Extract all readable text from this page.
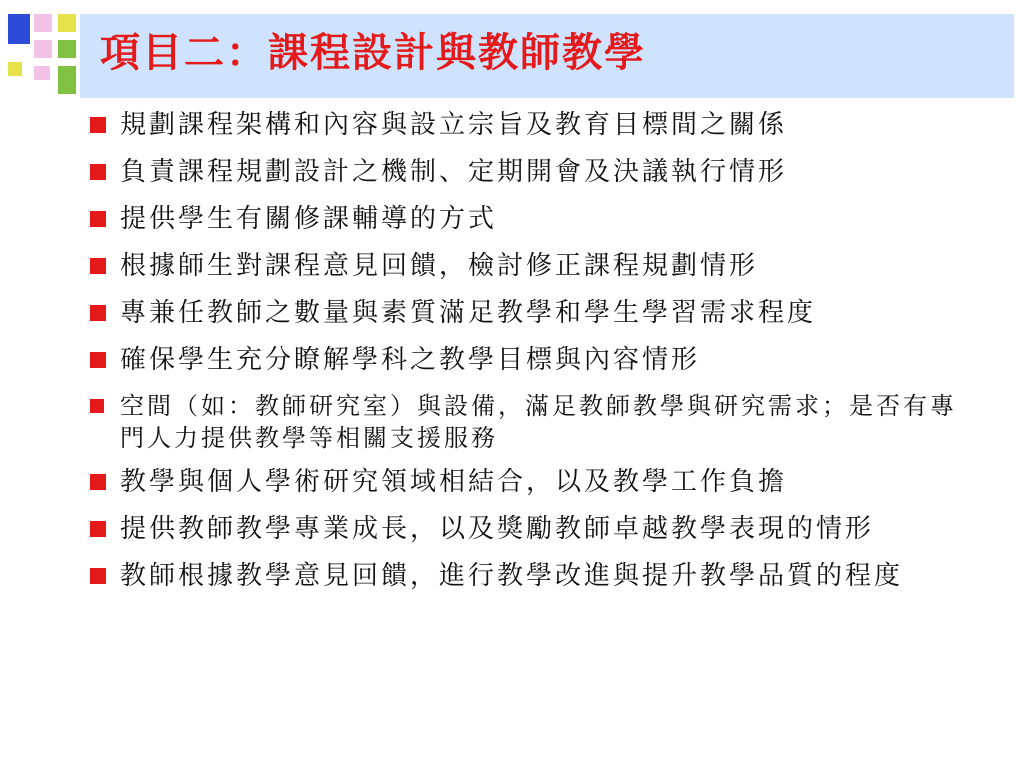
項目二：課程設計與教師教學
規劃課程架構和內容與設立宗旨及教育目標間之關係
負責課程規劃設計之機制、定期開會及決議執行情形
提供學生有關修課輔導的方式
根據師生對課程意見回饋，檢討修正課程規劃情形
專兼任教師之數量與素質滿足教學和學生學習需求程度
確保學生充分瞭解學科之教學目標與內容情形
空間（如：教師研究室）與設備，滿足教師教學與研究需求；是否有專門人力提供教學等相關支援服務
教學與個人學術研究領域相結合，以及教學工作負擔
提供教師教學專業成長，以及獎勵教師卓越教學表現的情形
教師根據教學意見回饋，進行教學改進與提升教學品質的程度
